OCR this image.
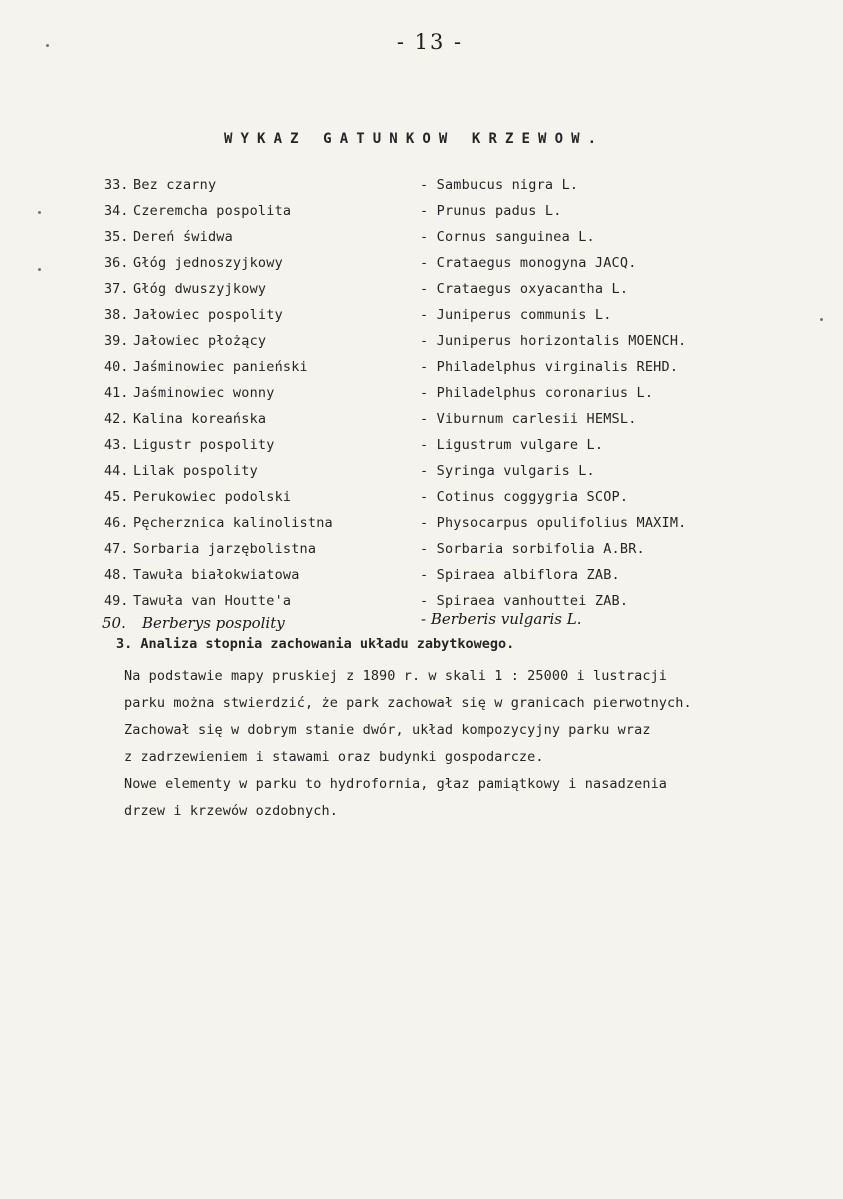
- 13 -
WYKAZ GATUNKOW KRZEWOW.
33. Bez czarny	- Sambucus nigra L.
34. Czeremcha pospolita	- Prunus padus L.
35. Dereń świdwa	- Cornus sanguinea L.
36. Głóg jednoszyjkowy	- Crataegus monogyna JACQ.
37. Głóg dwuszyjkowy	- Crataegus oxyacantha L.
38. Jałowiec pospolity	- Juniperus communis L.
39. Jałowiec płożący	- Juniperus horizontalis MOENCH.
40. Jaśminowiec panieński	- Philadelphus virginalis REHD.
41. Jaśminowiec wonny	- Philadelphus coronarius L.
42. Kalina koreańska	- Viburnum carlesii HEMSL.
43. Ligustr pospolity	- Ligustrum vulgare L.
44. Lilak pospolity	- Syringa vulgaris L.
45. Perukowiec podolski	- Cotinus coggygria SCOP.
46. Pęcherznica kalinolistna	- Physocarpus opulifolius MAXIM.
47. Sorbaria jarzębolistna	- Sorbaria sorbifolia A.BR.
48. Tawuła białokwiatowa	- Spiraea albiflora ZAB.
49. Tawuła van Houtte'a	- Spiraea vanhouttei ZAB.
50. Berberys pospolity	- Berberis vulgaris L.
3. Analiza stopnia zachowania układu zabytkowego.
Na podstawie mapy pruskiej z 1890 r. w skali 1 : 25000 i lustracji
parku można stwierdzić, że park zachował się w granicach pierwotnych.
Zachował się w dobrym stanie dwór, układ kompozycyjny parku wraz
z zadrzewieniem i stawami oraz budynki gospodarcze.
Nowe elementy w parku to hydrofornia, głaz pamiątkowy i nasadzenia
drzew i krzewów ozdobnych.
